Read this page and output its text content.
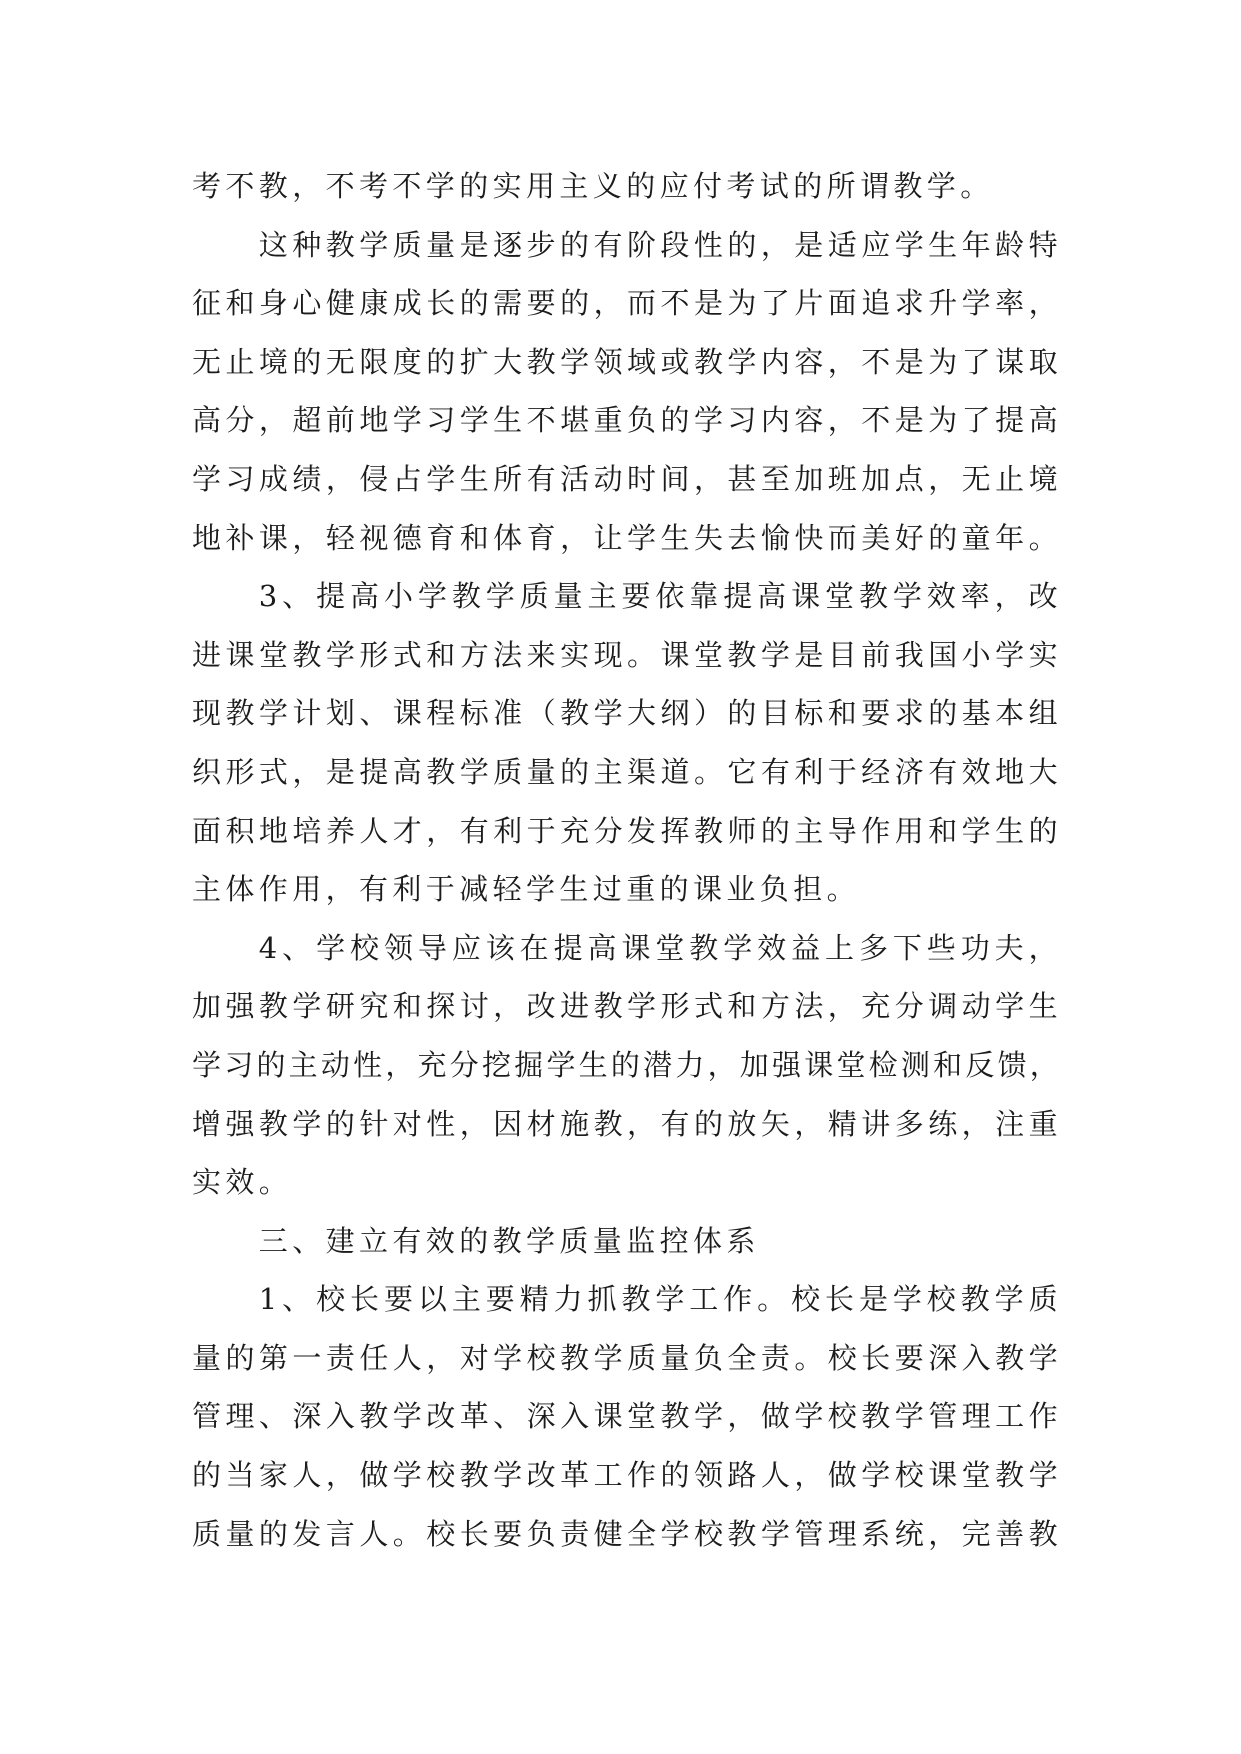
考不教，不考不学的实用主义的应付考试的所谓教学。
这种教学质量是逐步的有阶段性的，是适应学生年龄特
征和身心健康成长的需要的，而不是为了片面追求升学率，
无止境的无限度的扩大教学领域或教学内容，不是为了谋取
高分，超前地学习学生不堪重负的学习内容，不是为了提高
学习成绩，侵占学生所有活动时间，甚至加班加点，无止境
地补课，轻视德育和体育，让学生失去愉快而美好的童年。
3、提高小学教学质量主要依靠提高课堂教学效率，改
进课堂教学形式和方法来实现。课堂教学是目前我国小学实
现教学计划、课程标准（教学大纲）的目标和要求的基本组
织形式，是提高教学质量的主渠道。它有利于经济有效地大
面积地培养人才，有利于充分发挥教师的主导作用和学生的
主体作用，有利于减轻学生过重的课业负担。
4、学校领导应该在提高课堂教学效益上多下些功夫，
加强教学研究和探讨，改进教学形式和方法，充分调动学生
学习的主动性，充分挖掘学生的潜力，加强课堂检测和反馈，
增强教学的针对性，因材施教，有的放矢，精讲多练，注重
实效。
三、建立有效的教学质量监控体系
1、校长要以主要精力抓教学工作。校长是学校教学质
量的第一责任人，对学校教学质量负全责。校长要深入教学
管理、深入教学改革、深入课堂教学，做学校教学管理工作
的当家人，做学校教学改革工作的领路人，做学校课堂教学
质量的发言人。校长要负责健全学校教学管理系统，完善教
